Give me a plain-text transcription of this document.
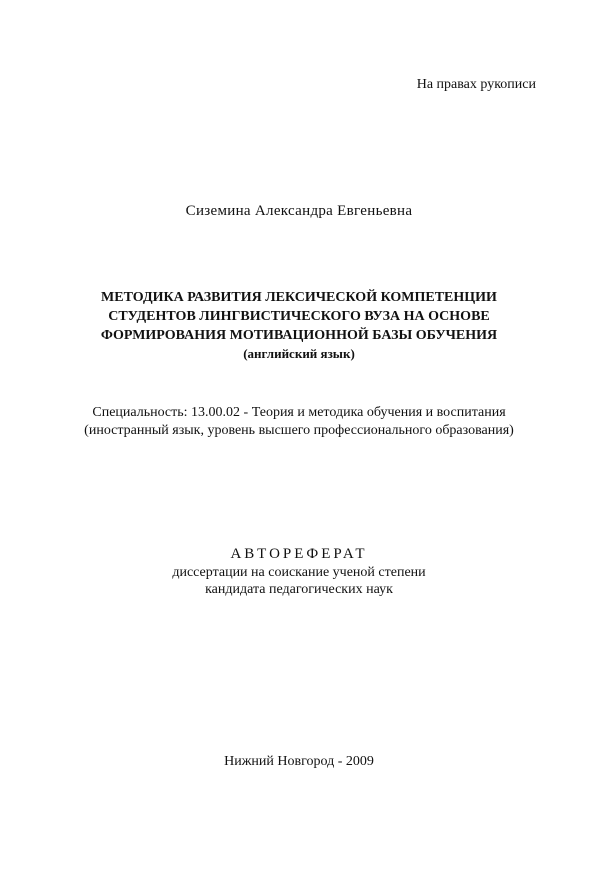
На правах рукописи
Сиземина Александра Евгеньевна
МЕТОДИКА РАЗВИТИЯ ЛЕКСИЧЕСКОЙ КОМПЕТЕНЦИИ
СТУДЕНТОВ ЛИНГВИСТИЧЕСКОГО ВУЗА НА ОСНОВЕ
ФОРМИРОВАНИЯ МОТИВАЦИОННОЙ БАЗЫ ОБУЧЕНИЯ
(английский язык)
Специальность: 13.00.02 - Теория и методика обучения и воспитания
(иностранный язык, уровень высшего профессионального образования)
АВТОРЕФЕРАТ
диссертации на соискание ученой степени
кандидата педагогических наук
Нижний Новгород - 2009
